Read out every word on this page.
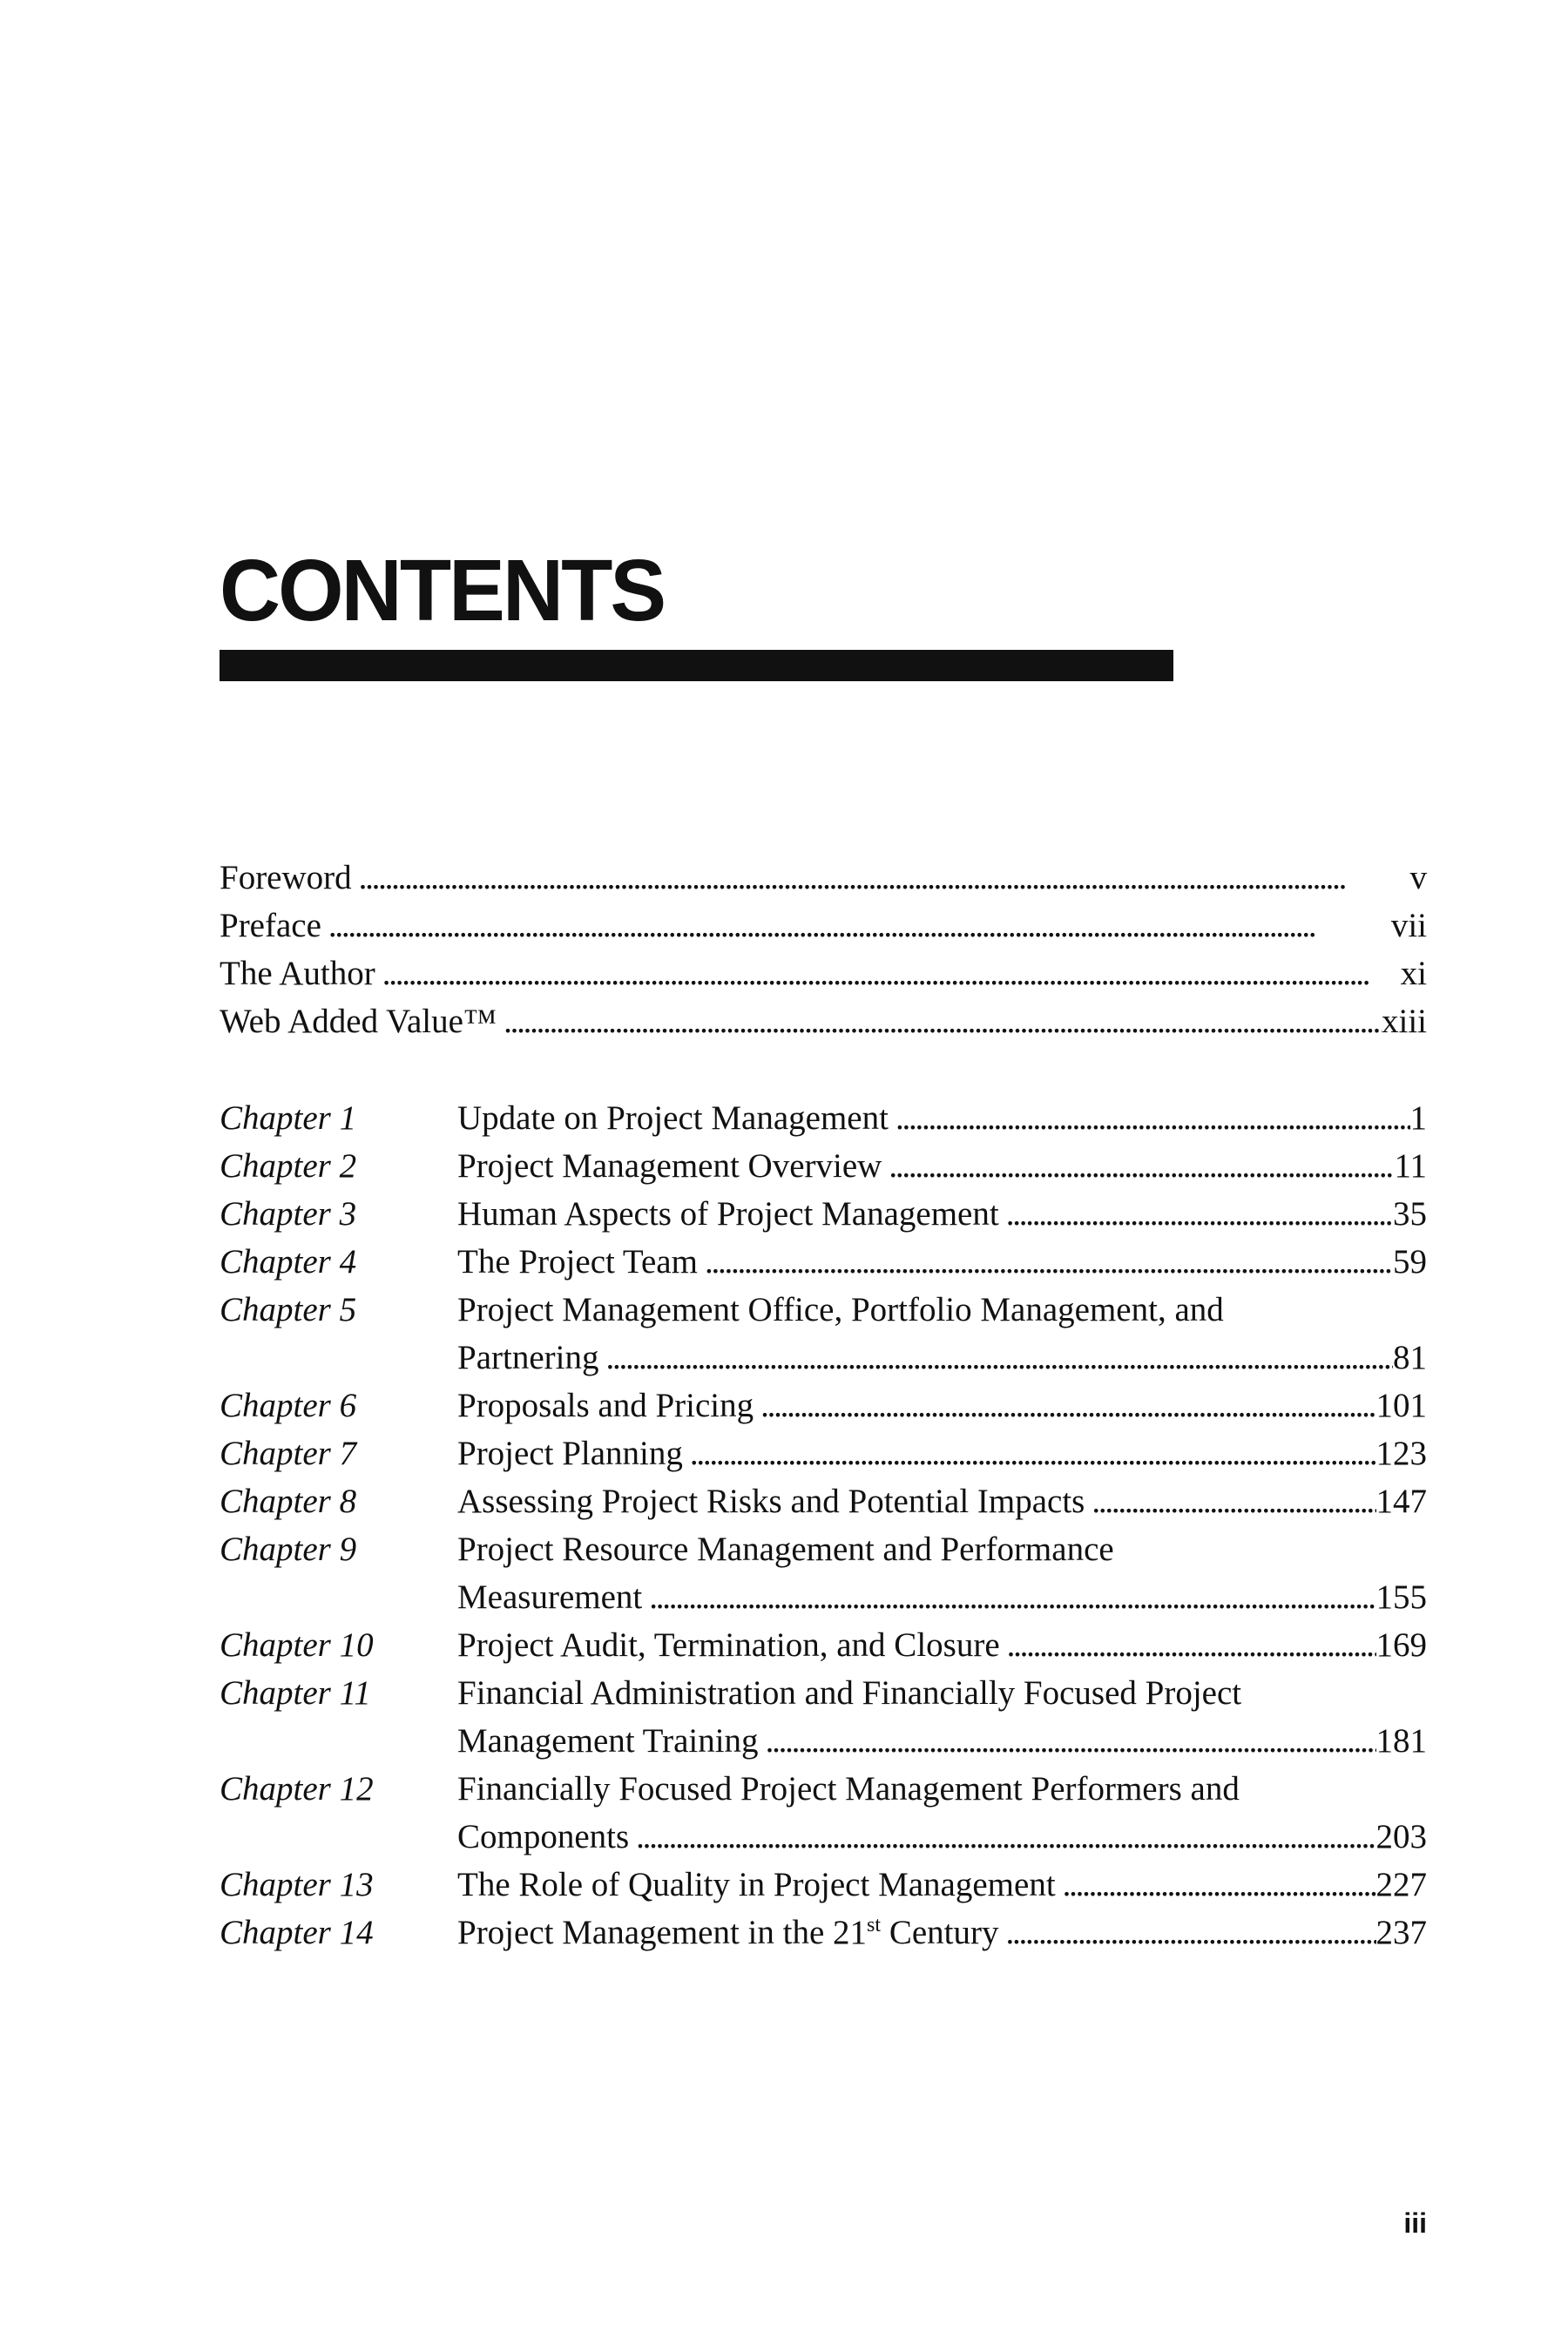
CONTENTS
Foreword . . .	v
Preface . . .	vii
The Author . . .	xi
Web Added Value™ . . .	xiii
Chapter 1	Update on Project Management . . .	1
Chapter 2	Project Management Overview . . .	11
Chapter 3	Human Aspects of Project Management . . .	35
Chapter 4	The Project Team . . .	59
Chapter 5	Project Management Office, Portfolio Management, and
Partnering . . .	81
Chapter 6	Proposals and Pricing . . .	101
Chapter 7	Project Planning . . .	123
Chapter 8	Assessing Project Risks and Potential Impacts . . .	147
Chapter 9	Project Resource Management and Performance
Measurement . . .	155
Chapter 10	Project Audit, Termination, and Closure . . .	169
Chapter 11	Financial Administration and Financially Focused Project
Management Training . . .	181
Chapter 12	Financially Focused Project Management Performers and
Components . . .	203
Chapter 13	The Role of Quality in Project Management . . .	227
Chapter 14	Project Management in the 21st Century . . .	237
iii
